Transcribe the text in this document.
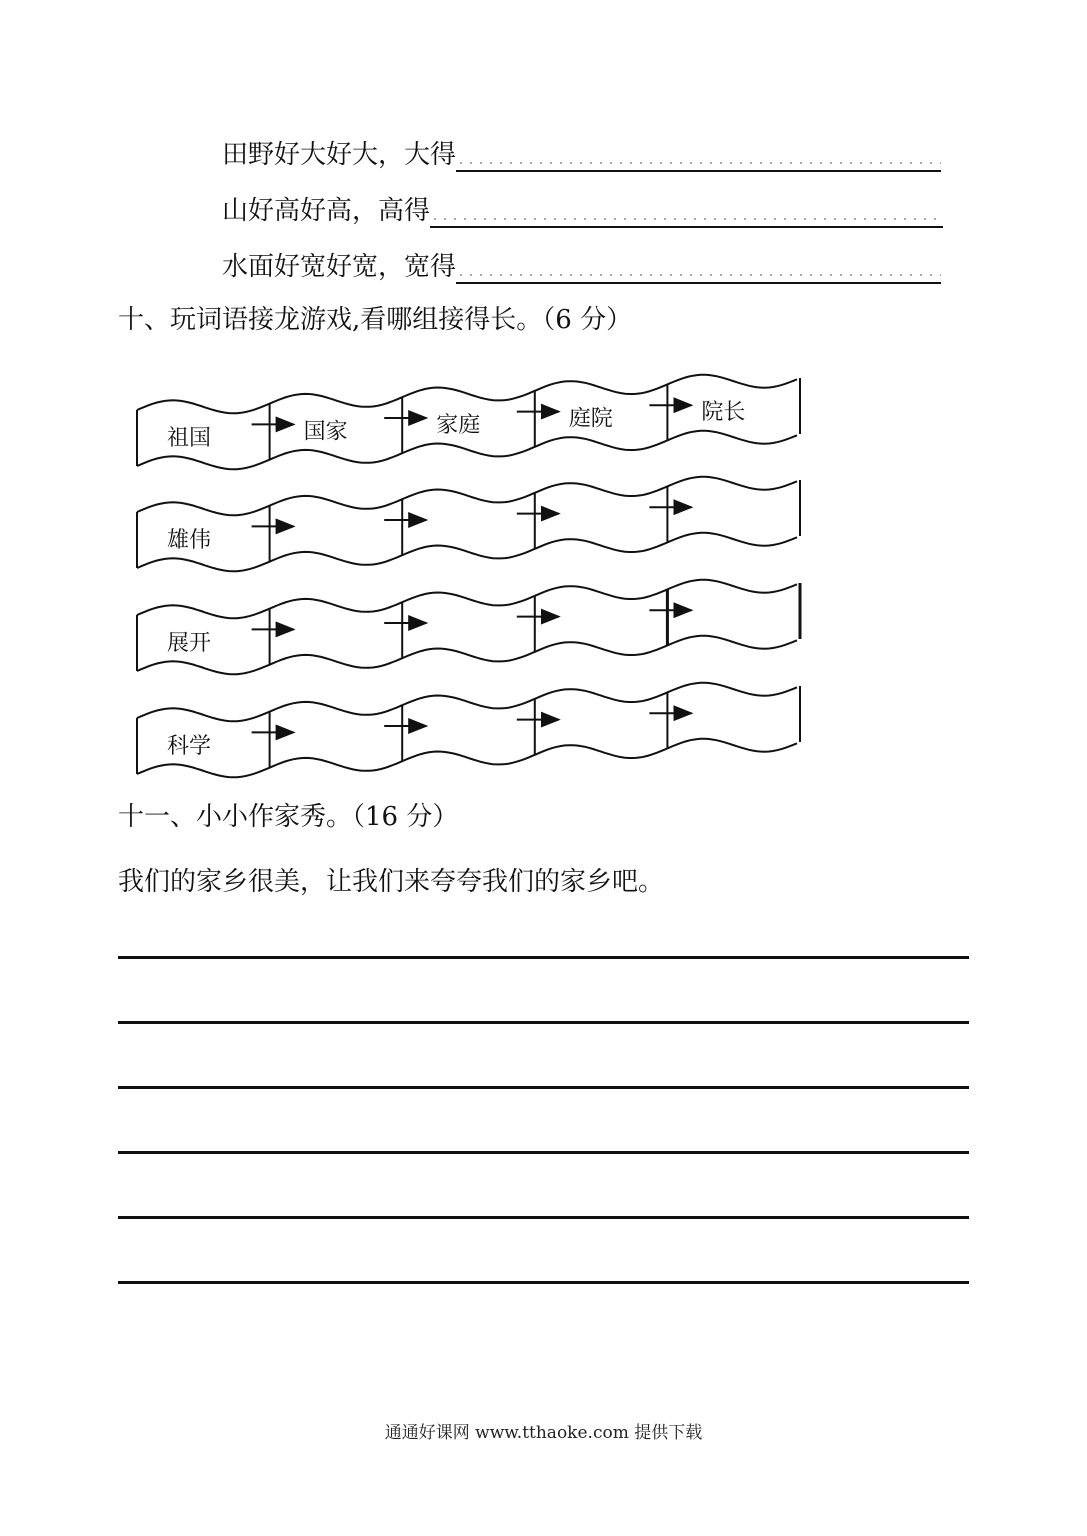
田野好大好大，大得
山好高好高，高得
水面好宽好宽，宽得
十、玩词语接龙游戏,看哪组接得长。（6 分）
祖国	国家	家庭	庭院	院长
雄伟
展开
科学
十一、小小作家秀。（16 分）
我们的家乡很美，让我们来夸夸我们的家乡吧。
通通好课网 www.tthaoke.com 提供下载
